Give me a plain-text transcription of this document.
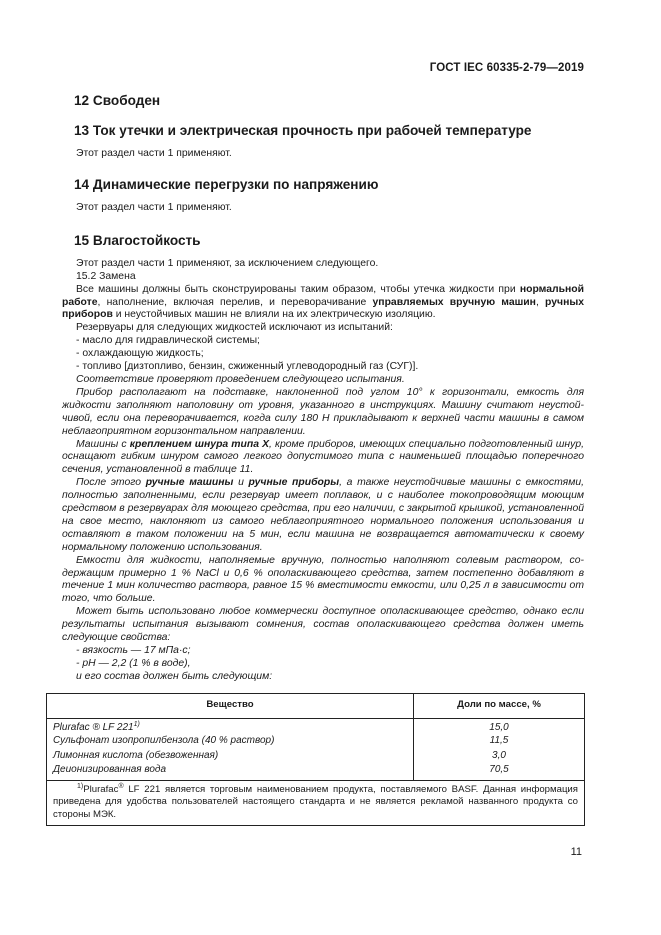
ГОСТ IEC 60335-2-79—2019
12 Свободен
13 Ток утечки и электрическая прочность при рабочей температуре

Этот раздел части 1 применяют.

14 Динамические перегрузки по напряжению

Этот раздел части 1 применяют.

15 Влагостойкость

Этот раздел части 1 применяют, за исключением следующего.

15.2 Замена

Все машины должны быть сконструированы таким образом, чтобы утечка жидкости при нормальной работе, наполнение, включая перелив, и переворачивание управляемых вручную машин, ручных приборов и неустойчивых машин не влияли на их электрическую изоляцию.

Резервуары для следующих жидкостей исключают из испытаний:

- масло для гидравлической системы;

- охлаждающую жидкость;

- топливо [дизтопливо, бензин, сжиженный углеводородный газ (СУГ)].

Соответствие проверяют проведением следующего испытания.

Прибор располагают на подставке, наклоненной под углом 10° к горизонтали, емкость для жидкости заполняют наполовину от уровня, указанного в инструкциях. Машину считают неустойчивой, если она переворачивается, когда силу 180 Н прикладывают к верхней части машины в самом неблагоприятном горизонтальном направлении.

Машины с креплением шнура типа X, кроме приборов, имеющих специально подготовленный шнур, оснащают гибким шнуром самого легкого допустимого типа с наименьшей площадью поперечного сечения, установленной в таблице 11.

После этого ручные машины и ручные приборы, а также неустойчивые машины с емкостями, полностью заполненными, если резервуар имеет поплавок, и с наиболее токопроводящим моющим средством в резервуарах для моющего средства, при его наличии, с закрытой крышкой, установленной на свое место, наклоняют из самого неблагоприятного нормального положения использования и оставляют в таком положении на 5 мин, если машина не возвращается автоматически к своему нормальному положению использования.

Емкости для жидкости, наполняемые вручную, полностью наполняют солевым раствором, содержащим примерно 1 % NaCl и 0,6 % ополаскивающего средства, затем постепенно добавляют в течение 1 мин количество раствора, равное 15 % вместимости емкости, или 0,25 л в зависимости от того, что больше.

Может быть использовано любое коммерчески доступное ополаскивающее средство, однако если результаты испытания вызывают сомнения, состав ополаскивающего средства должен иметь следующие свойства:

- вязкость — 17 мПа·с;

- pH — 2,2 (1 % в воде),

и его состав должен быть следующим:

Вещество	Доли по массе, %
Plurafac ® LF 221$^{1)}$	15,0
Сульфонат изопропилбензола (40 % раствор)	11,5
Лимонная кислота (обезвоженная)	3,0
Деионизированная вода	70,5
$^{1)}$Plurafac® LF 221 является торговым наименованием продукта, поставляемого BASF. Данная информация приведена для удобства пользователей настоящего стандарта и не является рекламой названного продукта со стороны МЭК.	
11
